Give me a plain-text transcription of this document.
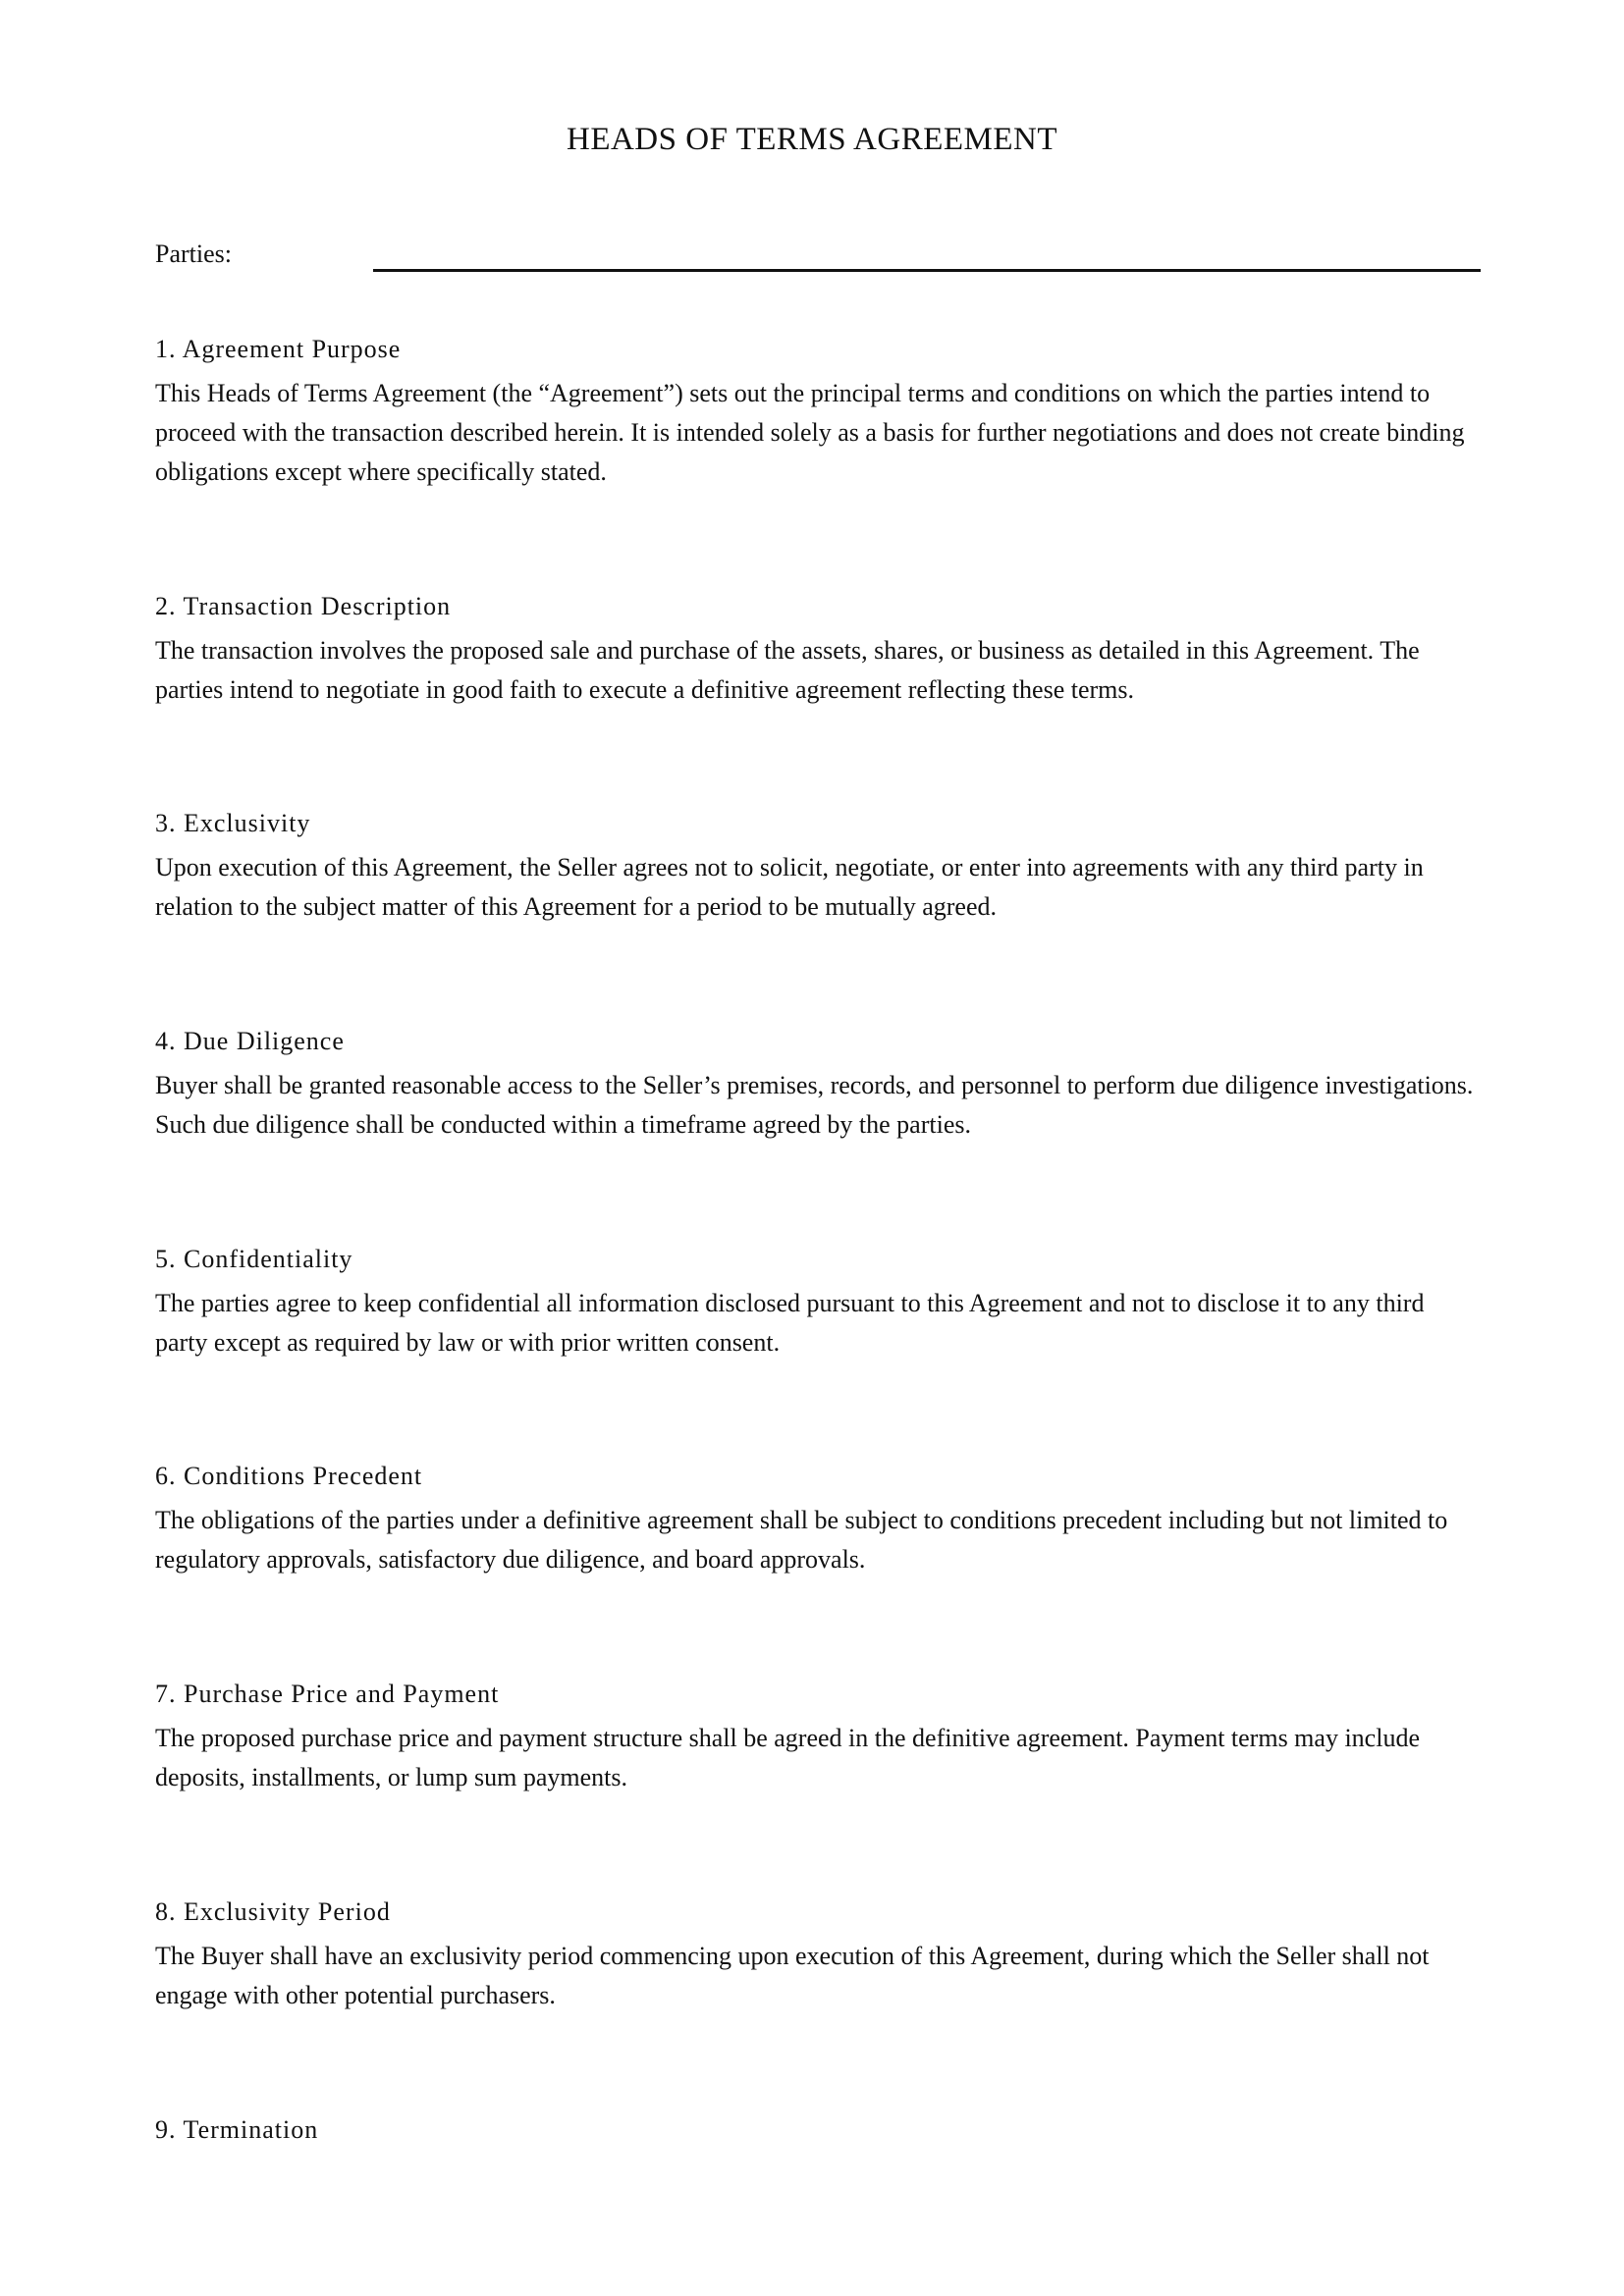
HEADS OF TERMS AGREEMENT
Parties:
1. Agreement Purpose

This Heads of Terms Agreement (the “Agreement”) sets out the principal terms and conditions on which the parties intend to proceed with the transaction described herein. It is intended solely as a basis for further negotiations and does not create binding obligations except where specifically stated.

2. Transaction Description

The transaction involves the proposed sale and purchase of the assets, shares, or business as detailed in this Agreement. The parties intend to negotiate in good faith to execute a definitive agreement reflecting these terms.

3. Exclusivity

Upon execution of this Agreement, the Seller agrees not to solicit, negotiate, or enter into agreements with any third party in relation to the subject matter of this Agreement for a period to be mutually agreed.

4. Due Diligence

Buyer shall be granted reasonable access to the Seller’s premises, records, and personnel to perform due diligence investigations. Such due diligence shall be conducted within a timeframe agreed by the parties.

5. Confidentiality

The parties agree to keep confidential all information disclosed pursuant to this Agreement and not to disclose it to any third party except as required by law or with prior written consent.

6. Conditions Precedent

The obligations of the parties under a definitive agreement shall be subject to conditions precedent including but not limited to regulatory approvals, satisfactory due diligence, and board approvals.

7. Purchase Price and Payment

The proposed purchase price and payment structure shall be agreed in the definitive agreement. Payment terms may include deposits, installments, or lump sum payments.

8. Exclusivity Period

The Buyer shall have an exclusivity period commencing upon execution of this Agreement, during which the Seller shall not engage with other potential purchasers.

9. Termination
